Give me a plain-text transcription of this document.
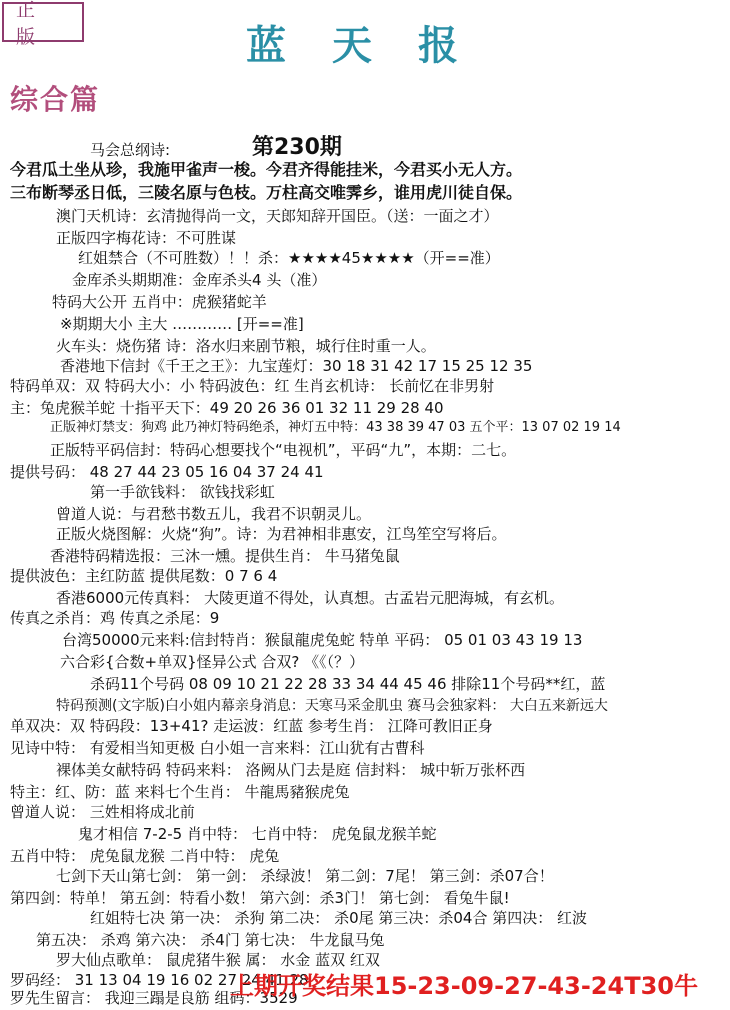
正版	蓝天报
综合篇
第230期
马会总纲诗:
今君瓜土坐从珍，我施甲雀声一梭。今君齐得能挂米，今君买小无人方。
三布断琴丞日低，三陵名原与色枝。万柱高交唯霁乡，谁用虎川徒自保。
澳门天机诗：玄清抛得尚一文，天郎知辞开国臣。（送：一面之才）
正版四字梅花诗：不可胜谋
红姐禁合（不可胜数）！！杀：★★★★45★★★★（开==准）
金库杀头期期准：金库杀头4 头（准）
特码大公开 五肖中：虎猴猪蛇羊
※期期大小 主大 ………… [开==准]
火车头：烧伤猪 诗：洛水归来剧节粮，城行住时重一人。
香港地下信封《千王之王》：九宝莲灯：30 18 31 42 17 15 25 12 35
特码单双：双 特码大小：小 特码波色：红 生肖玄机诗： 长前忆在非男射
主：兔虎猴羊蛇 十指平天下：49 20 26 36 01 32 11 29 28 40
正版神灯禁支：狗鸡 此乃神灯特码绝杀，神灯五中特：43 38 39 47 03 五个平：13 07 02 19 14
正版特平码信封：特码心想要找个“电视机”，平码“九”，本期：二七。
提供号码： 48 27 44 23 05 16 04 37 24 41
第一手欲钱料： 欲钱找彩虹
曾道人说：与君愁书数五儿，我君不识朝灵儿。
正版火烧图解：火烧“狗”。诗：为君神相非惠安，江鸟笙空写将后。
香港特码精选报：三沐一燻。提供生肖： 牛马猪兔鼠
提供波色：主红防蓝 提供尾数：0 7 6 4
香港6000元传真料： 大陵更道不得处，认真想。古孟岩元肥海城，有玄机。
传真之杀肖：鸡 传真之杀尾：9
台湾50000元来料:信封特肖：猴鼠龍虎兔蛇 特单 平码： 05 01 03 43 19 13
六合彩{合数+单双}怪异公式 合双? 《《（？）
杀码11个号码 08 09 10 21 22 28 33 34 44 45 46 排除11个号码**红，蓝
特码预测(文字版)白小姐内幕亲身消息：天寒马采金肌虫 赛马会独家料： 大白五来新远大
单双决：双 特码段：13+41? 走运波：红蓝 参考生肖： 江降可教旧正身
见诗中特： 有爱相当知更极 白小姐一言来料：江山犹有古曹科
裸体美女献特码 特码来料： 洛阙从门去是庭 信封料： 城中斩万张杯西
特主：红、防：蓝 来料七个生肖： 牛龍馬豬猴虎兔
曾道人说： 三姓相将成北前
鬼才相信 7-2-5 肖中特： 七肖中特： 虎兔鼠龙猴羊蛇
五肖中特： 虎兔鼠龙猴 二肖中特： 虎兔
七剑下天山第七剑： 第一剑： 杀绿波！ 第二剑：7尾！ 第三剑：杀07合！
第四剑：特单！ 第五剑：特看小数！ 第六剑：杀3门！ 第七剑： 看兔牛鼠!
红姐特七决 第一决： 杀狗 第二决： 杀0尾 第三决：杀04合 第四决： 红波
第五决： 杀鸡 第六决： 杀4门 第七决： 牛龙鼠马兔
罗大仙点歌单： 鼠虎猪牛猴 属： 水金 蓝双 红双
罗码经： 31 13 04 19 16 02 27 24 41 28
罗先生留言： 我迎三蹋是良筋 组码：3529
上期开奖结果15-23-09-27-43-24T30牛
